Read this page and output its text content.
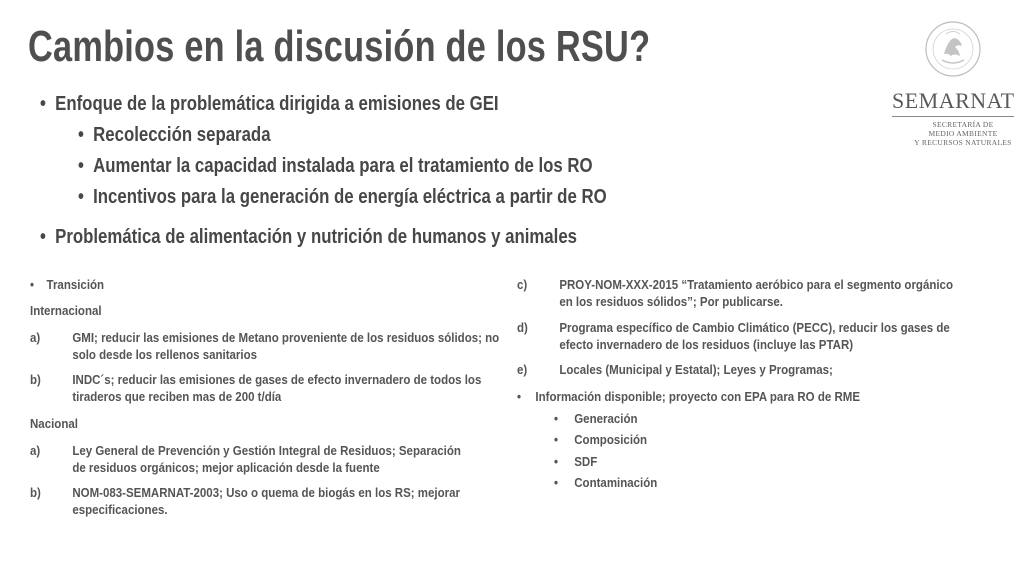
Cambios en la discusión de los RSU?
SEMARNAT
SECRETARÍA DE
MEDIO AMBIENTE
Y RECURSOS NATURALES
• Enfoque de la problemática dirigida a emisiones de GEI
• Recolección separada
• Aumentar la capacidad instalada para el tratamiento de los RO
• Incentivos para la generación de energía eléctrica a partir de RO
• Problemática de alimentación y nutrición de humanos y animales
•	Transición
Internacional
a)	GMI; reducir las emisiones de Metano proveniente de los residuos sólidos; no solo desde los rellenos sanitarios
b)	INDC´s; reducir las emisiones de gases de efecto invernadero de todos los tiraderos que reciben mas de 200 t/día
Nacional
a)	Ley General de Prevención y Gestión Integral de Residuos; Separación de residuos orgánicos; mejor aplicación desde la fuente
b)	NOM-083-SEMARNAT-2003; Uso o quema de biogás en los RS; mejorar especificaciones.
c)	PROY-NOM-XXX-2015 “Tratamiento aeróbico para el segmento orgánico en los residuos sólidos”; Por publicarse.
d)	Programa específico de Cambio Climático (PECC), reducir los gases de efecto invernadero de los residuos (incluye las PTAR)
e)	Locales (Municipal y Estatal); Leyes y Programas;
•	Información disponible; proyecto con EPA para RO de RME
•	Generación
•	Composición
•	SDF
•	Contaminación
